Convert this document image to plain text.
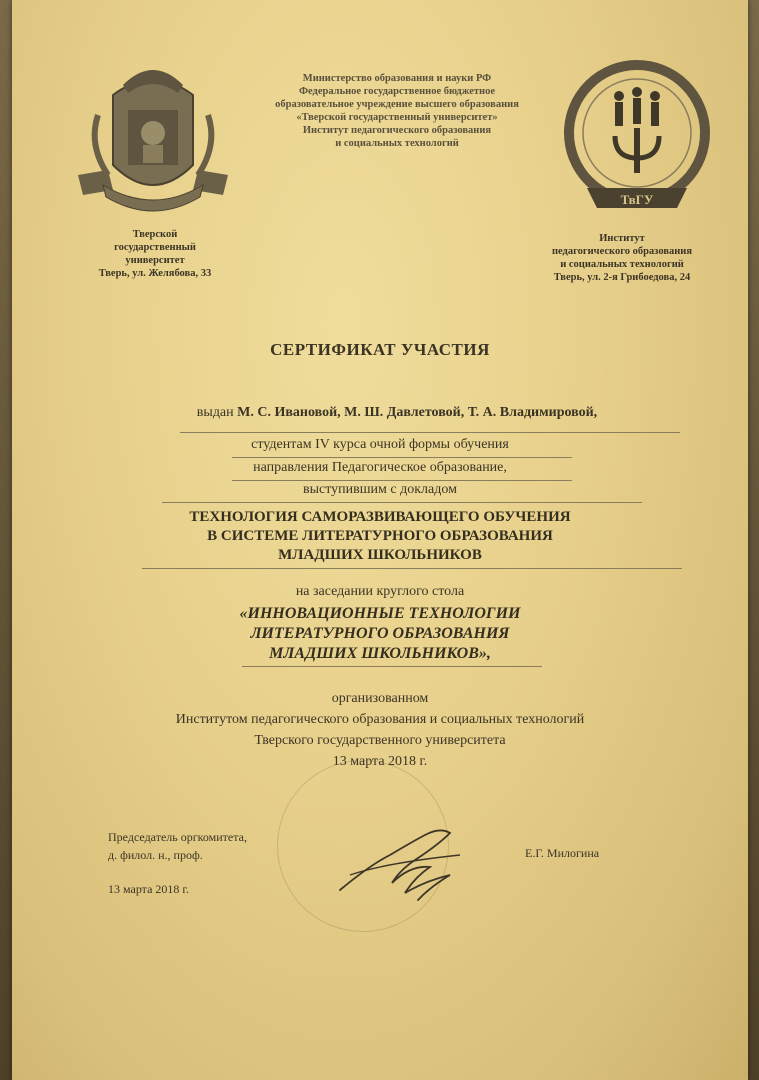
Тверской
государственный
университет
Тверь, ул. Желябова, 33
Министерство образования и науки РФ
Федеральное государственное бюджетное
образовательное учреждение высшего образования
«Тверской государственный университет»
Институт педагогического образования
и социальных технологий
ТвГУ
Институт
педагогического образования
и социальных технологий
Тверь, ул. 2-я Грибоедова, 24
СЕРТИФИКАТ УЧАСТИЯ
выдан М. С. Ивановой, М. Ш. Давлетовой, Т. А. Владимировой,
студентам IV курса очной формы обучения
направления Педагогическое образование,
выступившим с докладом
ТЕХНОЛОГИЯ САМОРАЗВИВАЮЩЕГО ОБУЧЕНИЯ
В СИСТЕМЕ ЛИТЕРАТУРНОГО ОБРАЗОВАНИЯ
МЛАДШИХ ШКОЛЬНИКОВ
на заседании круглого стола
«ИННОВАЦИОННЫЕ ТЕХНОЛОГИИ
ЛИТЕРАТУРНОГО ОБРАЗОВАНИЯ
МЛАДШИХ ШКОЛЬНИКОВ»,
организованном
Институтом педагогического образования и социальных технологий
Тверского государственного университета
13 марта 2018 г.
Председатель оргкомитета,
д. филол. н., проф.	Е.Г. Милогина
13 марта 2018 г.
